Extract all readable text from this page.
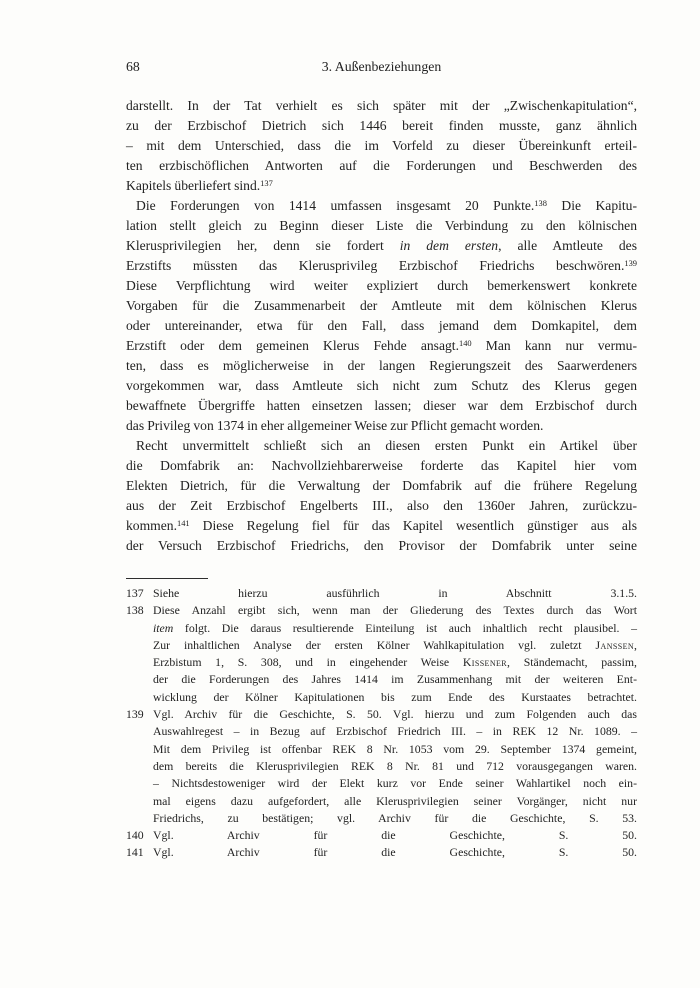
68	3. Außenbeziehungen
darstellt. In der Tat verhielt es sich später mit der „Zwischenkapitulation“,
zu der Erzbischof Dietrich sich 1446 bereit finden musste, ganz ähnlich
– mit dem Unterschied, dass die im Vorfeld zu dieser Übereinkunft erteil-
ten erzbischöflichen Antworten auf die Forderungen und Beschwerden des
Kapitels überliefert sind.$^{137}$
Die Forderungen von 1414 umfassen insgesamt 20 Punkte.$^{138}$ Die Kapitu-
lation stellt gleich zu Beginn dieser Liste die Verbindung zu den kölnischen
Klerusprivilegien her, denn sie fordert in dem ersten, alle Amtleute des
Erzstifts müssten das Klerusprivileg Erzbischof Friedrichs beschwören.$^{139}$
Diese Verpflichtung wird weiter expliziert durch bemerkenswert konkrete
Vorgaben für die Zusammenarbeit der Amtleute mit dem kölnischen Klerus
oder untereinander, etwa für den Fall, dass jemand dem Domkapitel, dem
Erzstift oder dem gemeinen Klerus Fehde ansagt.$^{140}$ Man kann nur vermu-
ten, dass es möglicherweise in der langen Regierungszeit des Saarwerdeners
vorgekommen war, dass Amtleute sich nicht zum Schutz des Klerus gegen
bewaffnete Übergriffe hatten einsetzen lassen; dieser war dem Erzbischof durch
das Privileg von 1374 in eher allgemeiner Weise zur Pflicht gemacht worden.
Recht unvermittelt schließt sich an diesen ersten Punkt ein Artikel über
die Domfabrik an: Nachvollziehbarerweise forderte das Kapitel hier vom
Elekten Dietrich, für die Verwaltung der Domfabrik auf die frühere Regelung
aus der Zeit Erzbischof Engelberts III., also den 1360er Jahren, zurückzu-
kommen.$^{141}$ Diese Regelung fiel für das Kapitel wesentlich günstiger aus als
der Versuch Erzbischof Friedrichs, den Provisor der Domfabrik unter seine
137 Siehe hierzu ausführlich in Abschnitt 3.1.5.
138 Diese Anzahl ergibt sich, wenn man der Gliederung des Textes durch das Wort
item folgt. Die daraus resultierende Einteilung ist auch inhaltlich recht plausibel. –
Zur inhaltlichen Analyse der ersten Kölner Wahlkapitulation vgl. zuletzt Janssen,
Erzbistum 1, S. 308, und in eingehender Weise Kissener, Ständemacht, passim,
der die Forderungen des Jahres 1414 im Zusammenhang mit der weiteren Ent-
wicklung der Kölner Kapitulationen bis zum Ende des Kurstaates betrachtet.
139 Vgl. Archiv für die Geschichte, S. 50. Vgl. hierzu und zum Folgenden auch das
Auswahlregest – in Bezug auf Erzbischof Friedrich III. – in REK 12 Nr. 1089. –
Mit dem Privileg ist offenbar REK 8 Nr. 1053 vom 29. September 1374 gemeint,
dem bereits die Klerusprivilegien REK 8 Nr. 81 und 712 vorausgegangen waren.
– Nichtsdestoweniger wird der Elekt kurz vor Ende seiner Wahlartikel noch ein-
mal eigens dazu aufgefordert, alle Klerusprivilegien seiner Vorgänger, nicht nur
Friedrichs, zu bestätigen; vgl. Archiv für die Geschichte, S. 53.
140 Vgl. Archiv für die Geschichte, S. 50.
141 Vgl. Archiv für die Geschichte, S. 50.
